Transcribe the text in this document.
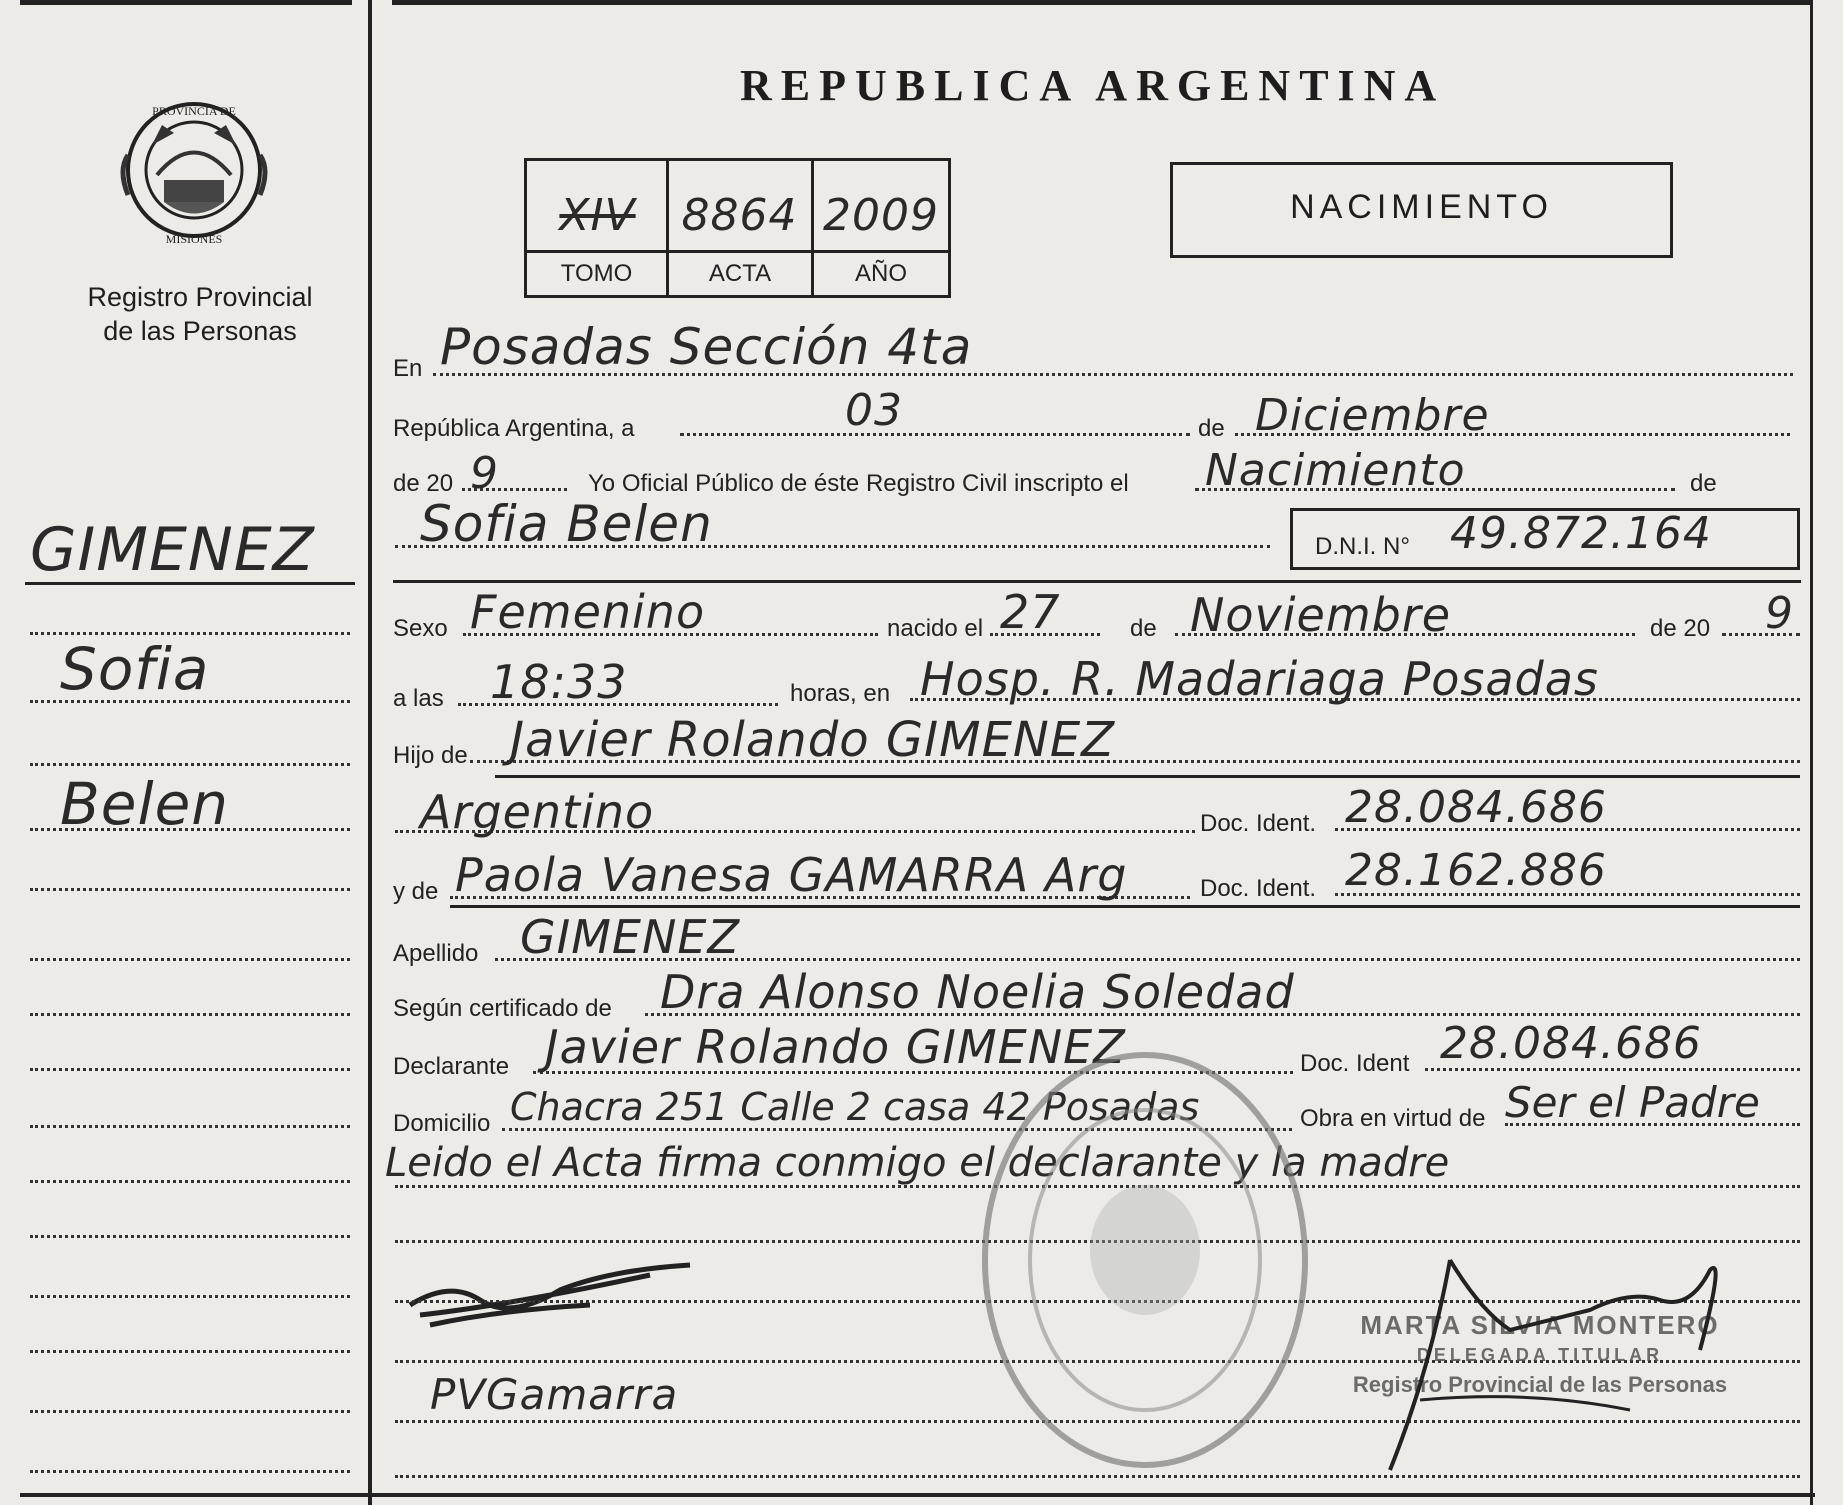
PROVINCIA DE
MISIONES
Registro Provincial
de las Personas
GIMENEZ
Sofia
Belen
PVGamarra
REPUBLICA ARGENTINA
XIV	8864 2009
TOMO	ACTA	AÑO
NACIMIENTO
En Posadas Sección 4ta
República Argentina, a	03	de Diciembre
de 20 9	Yo Oficial Público de éste Registro Civil inscripto el Nacimiento	de
Sofia Belen	D.N.I. N° 49.872.164
Sexo Femenino	nacido el 27	de Noviembre	de 20 9
a las 18:33	horas, en Hosp. R. Madariaga Posadas
Hijo de Javier Rolando GIMENEZ
Argentino	Doc. Ident. 28.084.686
y de Paola Vanesa GAMARRA Arg	Doc. Ident. 28.162.886
Apellido GIMENEZ
Según certificado de Dra Alonso Noelia Soledad
Declarante Javier Rolando GIMENEZ	Doc. Ident 28.084.686
Domicilio Chacra 251 Calle 2 casa 42 Posadas	Obra en virtud de Ser el Padre
Leido el Acta firma conmigo el declarante y la madre
MARTA SILVIA MONTERO
DELEGADA TITULAR
Registro Provincial de las Personas
